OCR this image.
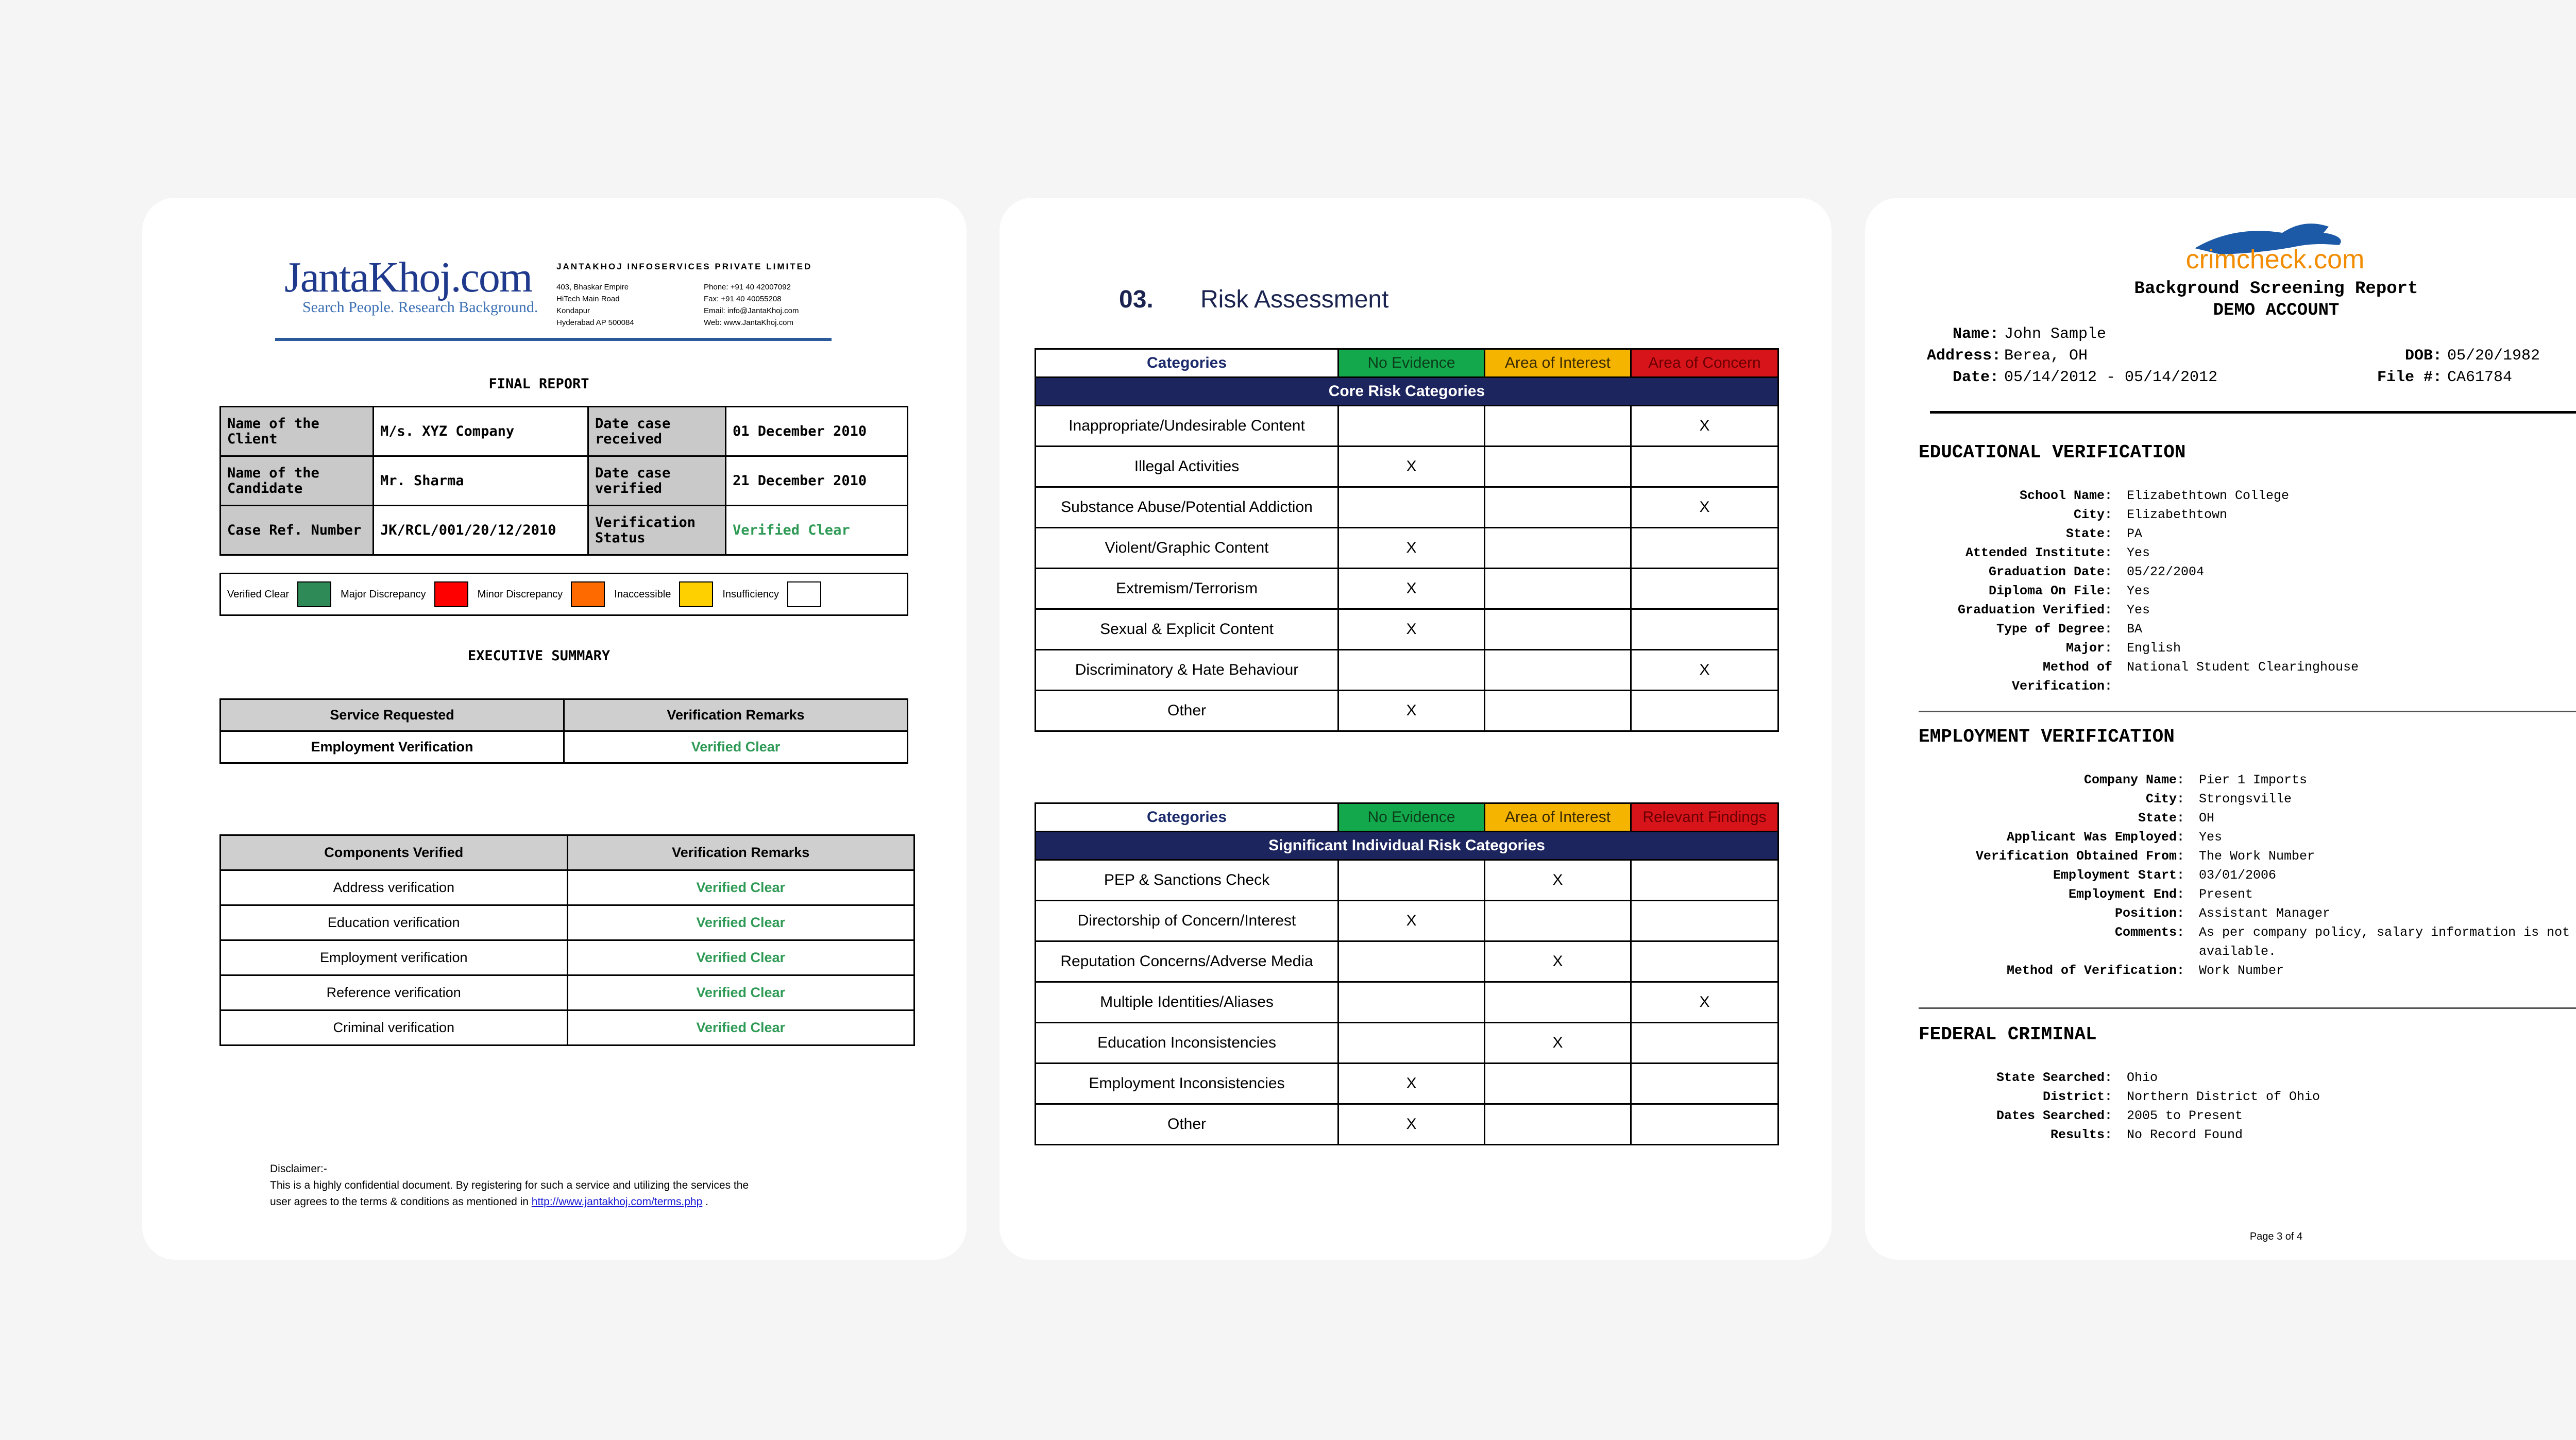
JantaKhoj.com
Search People. Research Background.
JANTAKHOJ INFOSERVICES PRIVATE LIMITED
403, Bhaskar Empire
HiTech Main Road
Kondapur
Hyderabad AP 500084
Phone: +91 40 42007092
Fax: +91 40 40055208
Email: info@JantaKhoj.com
Web: www.JantaKhoj.com
FINAL REPORT
Name of the Client	M/s. XYZ Company	Date case received	01 December 2010
Name of the Candidate	Mr. Sharma	Date case verified	21 December 2010
Case Ref. Number	JK/RCL/001/20/12/2010	Verification Status	Verified Clear
Verified Clear	Major Discrepancy	Minor Discrepancy	Inaccessible	Insufficiency
EXECUTIVE SUMMARY
Service Requested	Verification Remarks
Employment Verification	Verified Clear
Components Verified	Verification Remarks
Address verification	Verified Clear
Education verification	Verified Clear
Employment verification	Verified Clear
Reference verification	Verified Clear
Criminal verification	Verified Clear
Disclaimer:-
This is a highly confidential document. By registering for such a service and utilizing the services the
user agrees to the terms & conditions as mentioned in http://www.jantakhoj.com/terms.php .
03. Risk Assessment
Categories	No Evidence	Area of Interest	Area of Concern
Core Risk Categories			
Inappropriate/Undesirable Content			X
Illegal Activities	X		
Substance Abuse/Potential Addiction			X
Violent/Graphic Content	X		
Extremism/Terrorism	X		
Sexual & Explicit Content	X		
Discriminatory & Hate Behaviour			X
Other	X		
Categories	No Evidence	Area of Interest	Relevant Findings
Significant Individual Risk Categories			
PEP & Sanctions Check		X	
Directorship of Concern/Interest	X		
Reputation Concerns/Adverse Media		X	
Multiple Identities/Aliases			X
Education Inconsistencies		X	
Employment Inconsistencies	X		
Other	X		
crimcheck.com
Background Screening Report
DEMO ACCOUNT
Name: John Sample
Address: Berea, OH
Date: 05/14/2012 - 05/14/2012
DOB: 05/20/1982
File #: CA61784
EDUCATIONAL VERIFICATION
School Name: Elizabethtown College
City: Elizabethtown
State: PA
Attended Institute: Yes
Graduation Date: 05/22/2004
Diploma On File: Yes
Graduation Verified: Yes
Type of Degree: BA
Major: English
Method of Verification:National Student Clearinghouse
EMPLOYMENT VERIFICATION
Company Name: Pier 1 Imports
City: Strongsville
State: OH
Applicant Was Employed: Yes
Verification Obtained From: The Work Number
Employment Start: 03/01/2006
Employment End: Present
Position: Assistant Manager
Comments: As per company policy, salary information is not available.
Method of Verification: Work Number
FEDERAL CRIMINAL
State Searched: Ohio
District: Northern District of Ohio
Dates Searched: 2005 to Present
Results: No Record Found
Page 3 of 4
